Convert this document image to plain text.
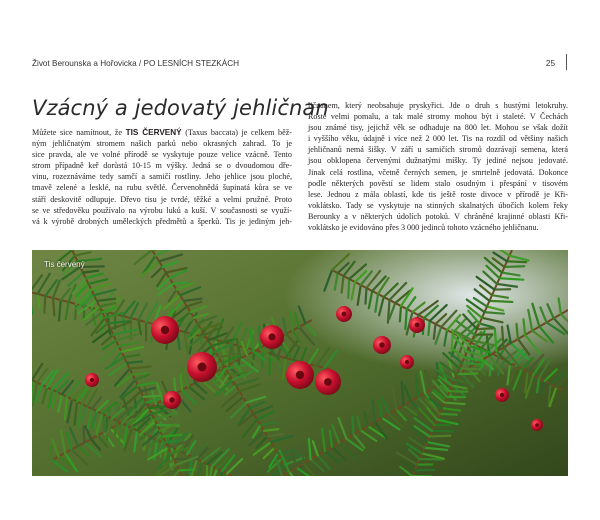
Život Berounska a Hořovicka / PO LESNÍCH STEZKÁCH	25
Vzácný a jedovatý jehličnan
Můžete sice namítnout, že TIS ČERVENÝ (Taxus baccata) je celkem běž-
ným jehličnatým stromem našich parků nebo okrasných zahrad. To je
sice pravda, ale ve volné přírodě se vyskytuje pouze velice vzácně. Tento
strom případně keř dorůstá 10-15 m výšky. Jedná se o dvoudomou dře-
vinu, rozeznáváme tedy samčí a samičí rostliny. Jeho jehlice jsou ploché,
tmavě zelené a lesklé, na rubu světlé. Červenohnědá šupinatá kůra se ve
stáří deskovitě odlupuje. Dřevo tisu je tvrdé, těžké a velmi pružné. Proto
se ve středověku používalo na výrobu luků a kuší. V současnosti se využí-
vá k výrobě drobných uměleckých předmětů a šperků. Tis je jediným jeh-
ličnanem, který neobsahuje pryskyřici. Jde o druh s hustými letokruhy.
Roste velmi pomalu, a tak malé stromy mohou být i staleté. V Čechách
jsou známé tisy, jejichž věk se odhaduje na 800 let. Mohou se však dožít
i vyššího věku, údajně i více než 2 000 let. Tis na rozdíl od většiny našich
jehličnanů nemá šišky. V září u samičích stromů dozrávají semena, která
jsou obklopena červenými dužnatými míšky. Ty jediné nejsou jedovaté.
Jinak celá rostlina, včetně černých semen, je smrtelně jedovatá. Dokonce
podle některých pověstí se lidem stalo osudným i přespání v tisovém
lese. Jednou z mála oblastí, kde tis ještě roste divoce v přírodě je Kři-
voklátsko. Tady se vyskytuje na stinných skalnatých úbočích kolem řeky
Berounky a v některých údolích potoků. V chráněné krajinné oblasti Kři-
voklátsko je evidováno přes 3 000 jedinců tohoto vzácného jehličnanu.
Tis červený
